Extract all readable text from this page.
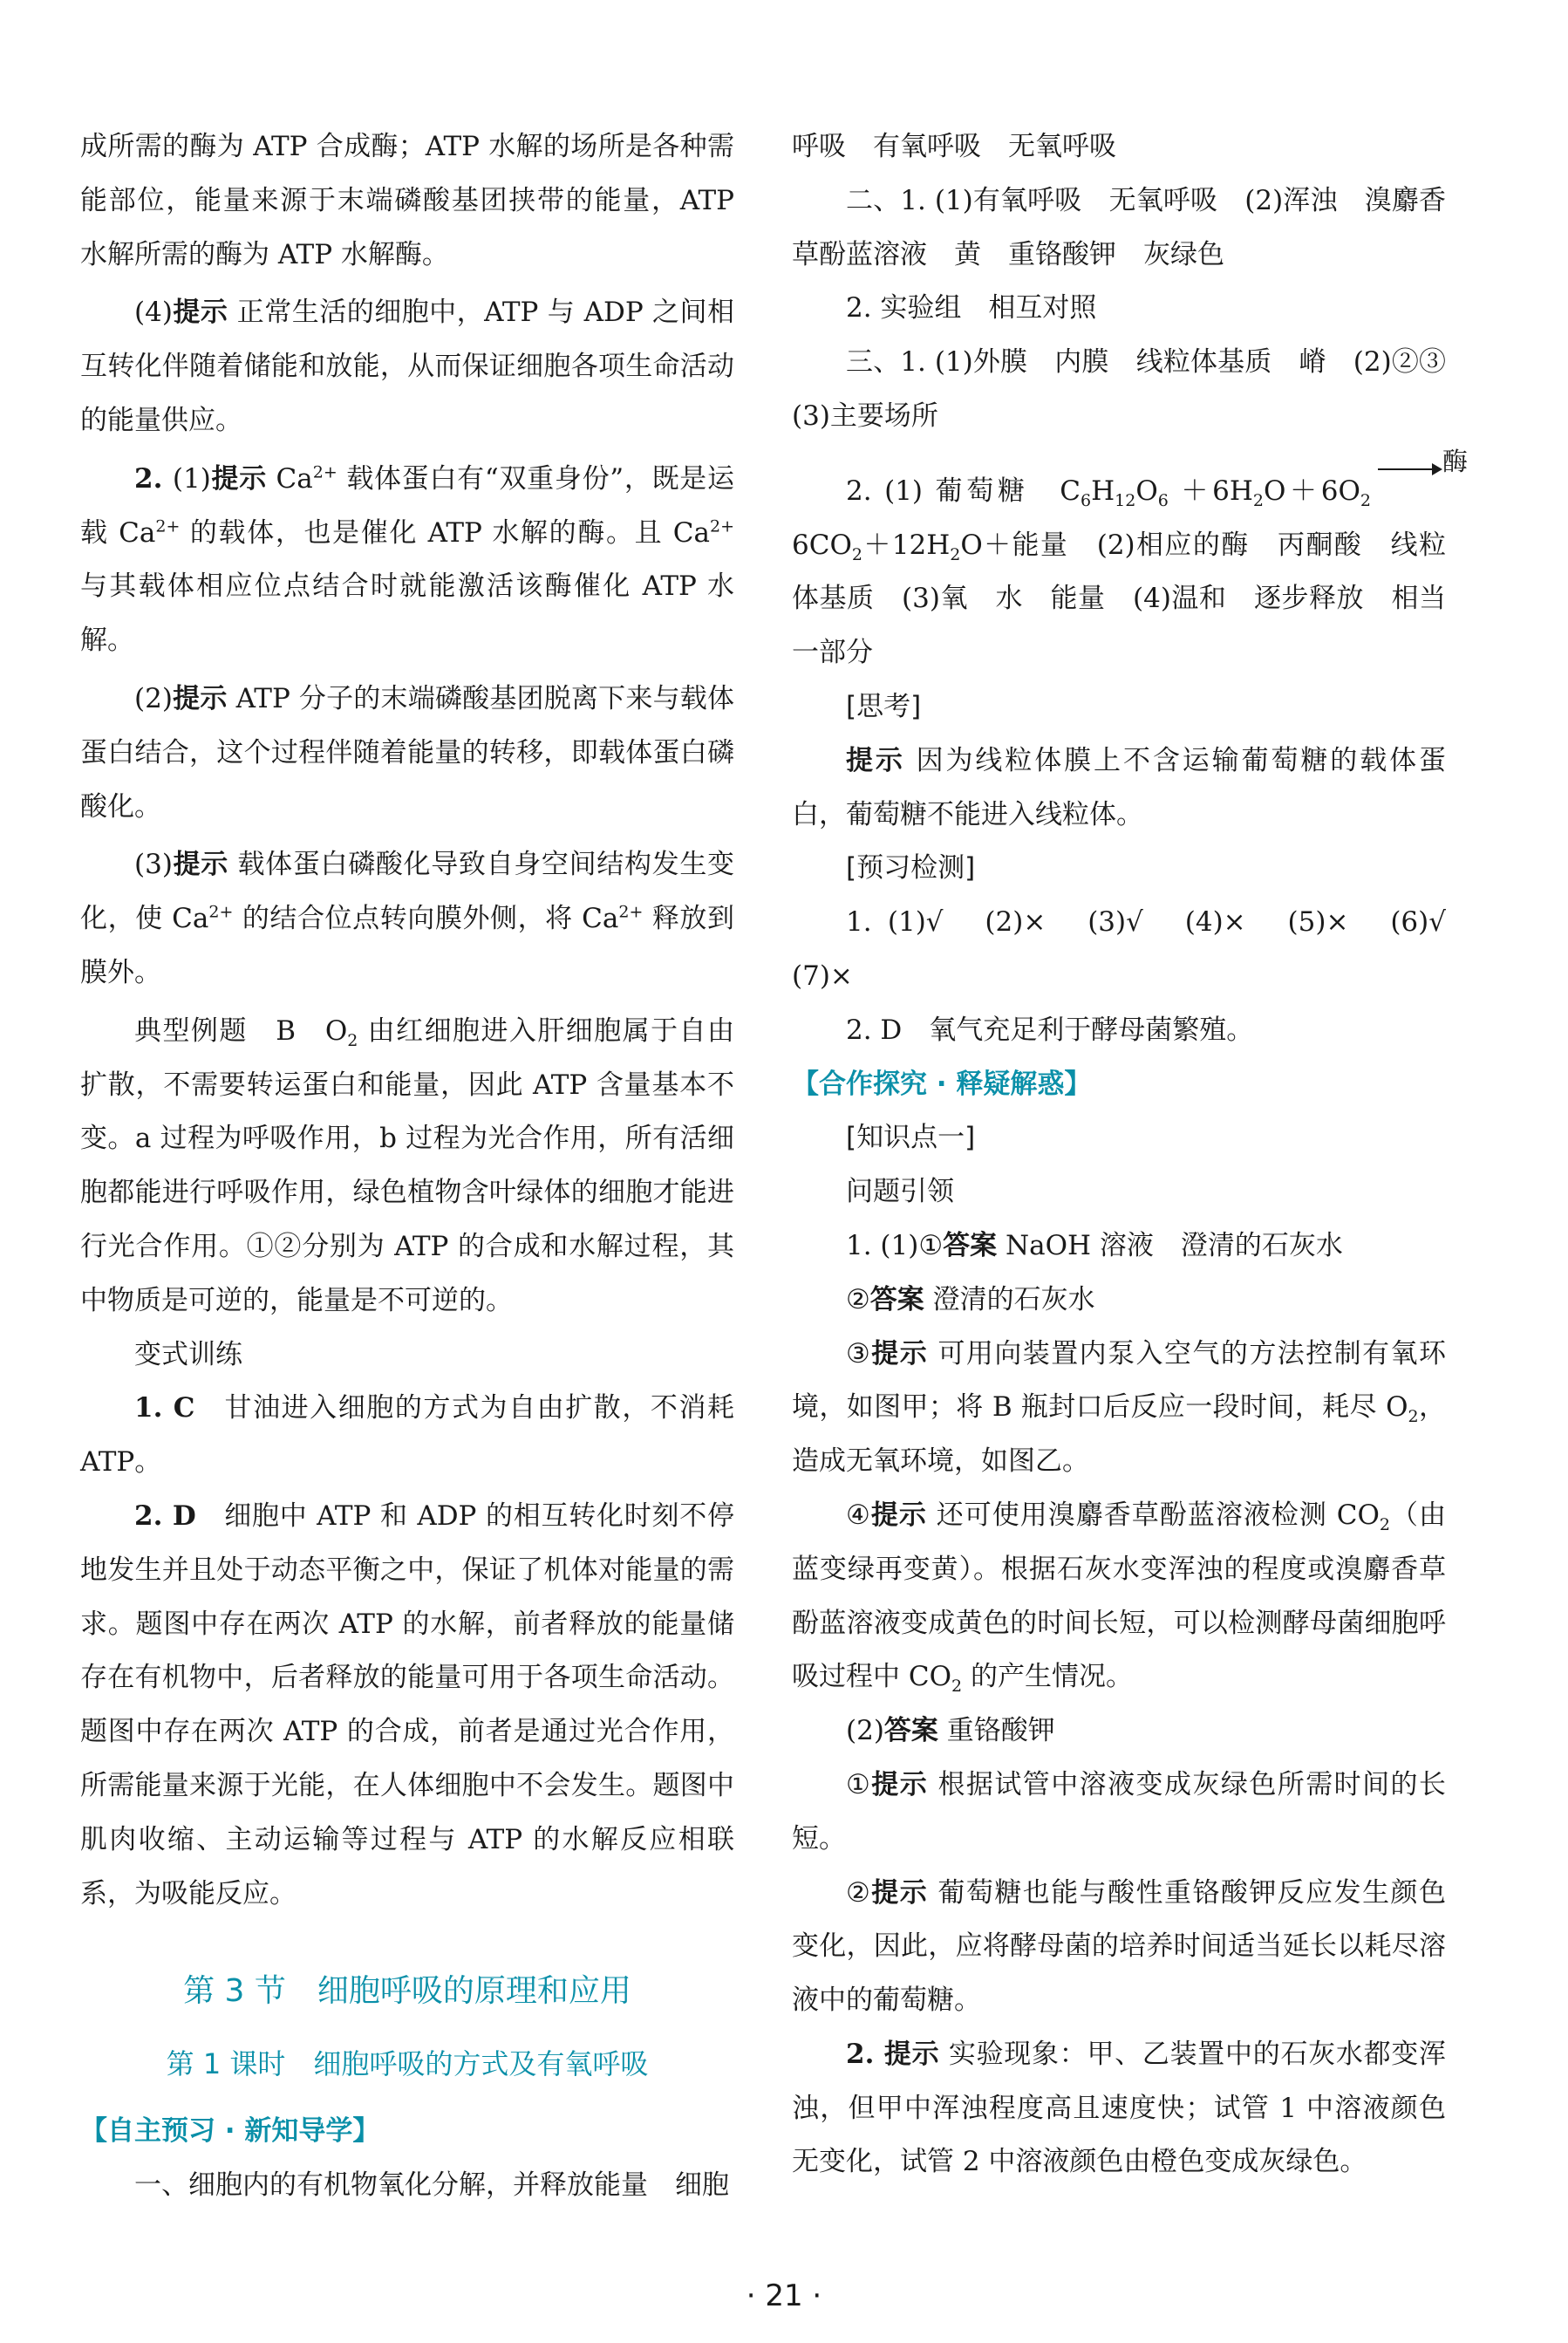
成所需的酶为 ATP 合成酶；ATP 水解的场所是各种需能部位，能量来源于末端磷酸基团挟带的能量，ATP 水解所需的酶为 ATP 水解酶。

(4)提示 正常生活的细胞中，ATP 与 ADP 之间相互转化伴随着储能和放能，从而保证细胞各项生命活动的能量供应。

2. (1)提示 $Ca^{2+}$ 载体蛋白有“双重身份”，既是运载 $Ca^{2+}$ 的载体，也是催化 ATP 水解的酶。且 $Ca^{2+}$ 与其载体相应位点结合时就能激活该酶催化 ATP 水解。

(2)提示 ATP 分子的末端磷酸基团脱离下来与载体蛋白结合，这个过程伴随着能量的转移，即载体蛋白磷酸化。

(3)提示 载体蛋白磷酸化导致自身空间结构发生变化，使 $Ca^{2+}$ 的结合位点转向膜外侧，将 $Ca^{2+}$ 释放到膜外。

典型例题　B　$O_2$ 由红细胞进入肝细胞属于自由扩散，不需要转运蛋白和能量，因此 ATP 含量基本不变。a 过程为呼吸作用，b 过程为光合作用，所有活细胞都能进行呼吸作用，绿色植物含叶绿体的细胞才能进行光合作用。①②分别为 ATP 的合成和水解过程，其中物质是可逆的，能量是不可逆的。

变式训练

1. C　甘油进入细胞的方式为自由扩散，不消耗 ATP。

2. D　细胞中 ATP 和 ADP 的相互转化时刻不停地发生并且处于动态平衡之中，保证了机体对能量的需求。题图中存在两次 ATP 的水解，前者释放的能量储存在有机物中，后者释放的能量可用于各项生命活动。题图中存在两次 ATP 的合成，前者是通过光合作用，所需能量来源于光能，在人体细胞中不会发生。题图中肌肉收缩、主动运输等过程与 ATP 的水解反应相联系，为吸能反应。

第 3 节　细胞呼吸的原理和应用
第 1 课时　细胞呼吸的方式及有氧呼吸

【自主预习 · 新知导学】

一、细胞内的有机物氧化分解，并释放能量　细胞

呼吸　有氧呼吸　无氧呼吸

二、1. (1)有氧呼吸　无氧呼吸　(2)浑浊　溴麝香草酚蓝溶液　黄　重铬酸钾　灰绿色

2. 实验组　相互对照

三、1. (1)外膜　内膜　线粒体基质　嵴　(2)②③　(3)主要场所

酶
2. (1) 葡萄糖　$C_6H_{12}O_6 +6H_2O+6O_26CO_2+12H_2O+$能量　(2)相应的酶　丙酮酸　线粒体基质　(3)氧　水　能量　(4)温和　逐步释放　相当一部分

[思考]

提示 因为线粒体膜上不含运输葡萄糖的载体蛋白，葡萄糖不能进入线粒体。

[预习检测]

1. (1)√　(2)×　(3)√　(4)×　(5)×　(6)√　(7)×

2. D　氧气充足利于酵母菌繁殖。

【合作探究 · 释疑解惑】

[知识点一]

问题引领

1. (1)①答案 NaOH 溶液　澄清的石灰水

②答案 澄清的石灰水

③提示 可用向装置内泵入空气的方法控制有氧环境，如图甲；将 B 瓶封口后反应一段时间，耗尽 $O_2$，造成无氧环境，如图乙。

④提示 还可使用溴麝香草酚蓝溶液检测 $CO_2$（由蓝变绿再变黄）。根据石灰水变浑浊的程度或溴麝香草酚蓝溶液变成黄色的时间长短，可以检测酵母菌细胞呼吸过程中 $CO_2$ 的产生情况。

(2)答案 重铬酸钾

①提示 根据试管中溶液变成灰绿色所需时间的长短。

②提示 葡萄糖也能与酸性重铬酸钾反应发生颜色变化，因此，应将酵母菌的培养时间适当延长以耗尽溶液中的葡萄糖。

2. 提示 实验现象：甲、乙装置中的石灰水都变浑浊，但甲中浑浊程度高且速度快；试管 1 中溶液颜色无变化，试管 2 中溶液颜色由橙色变成灰绿色。

· 21 ·
